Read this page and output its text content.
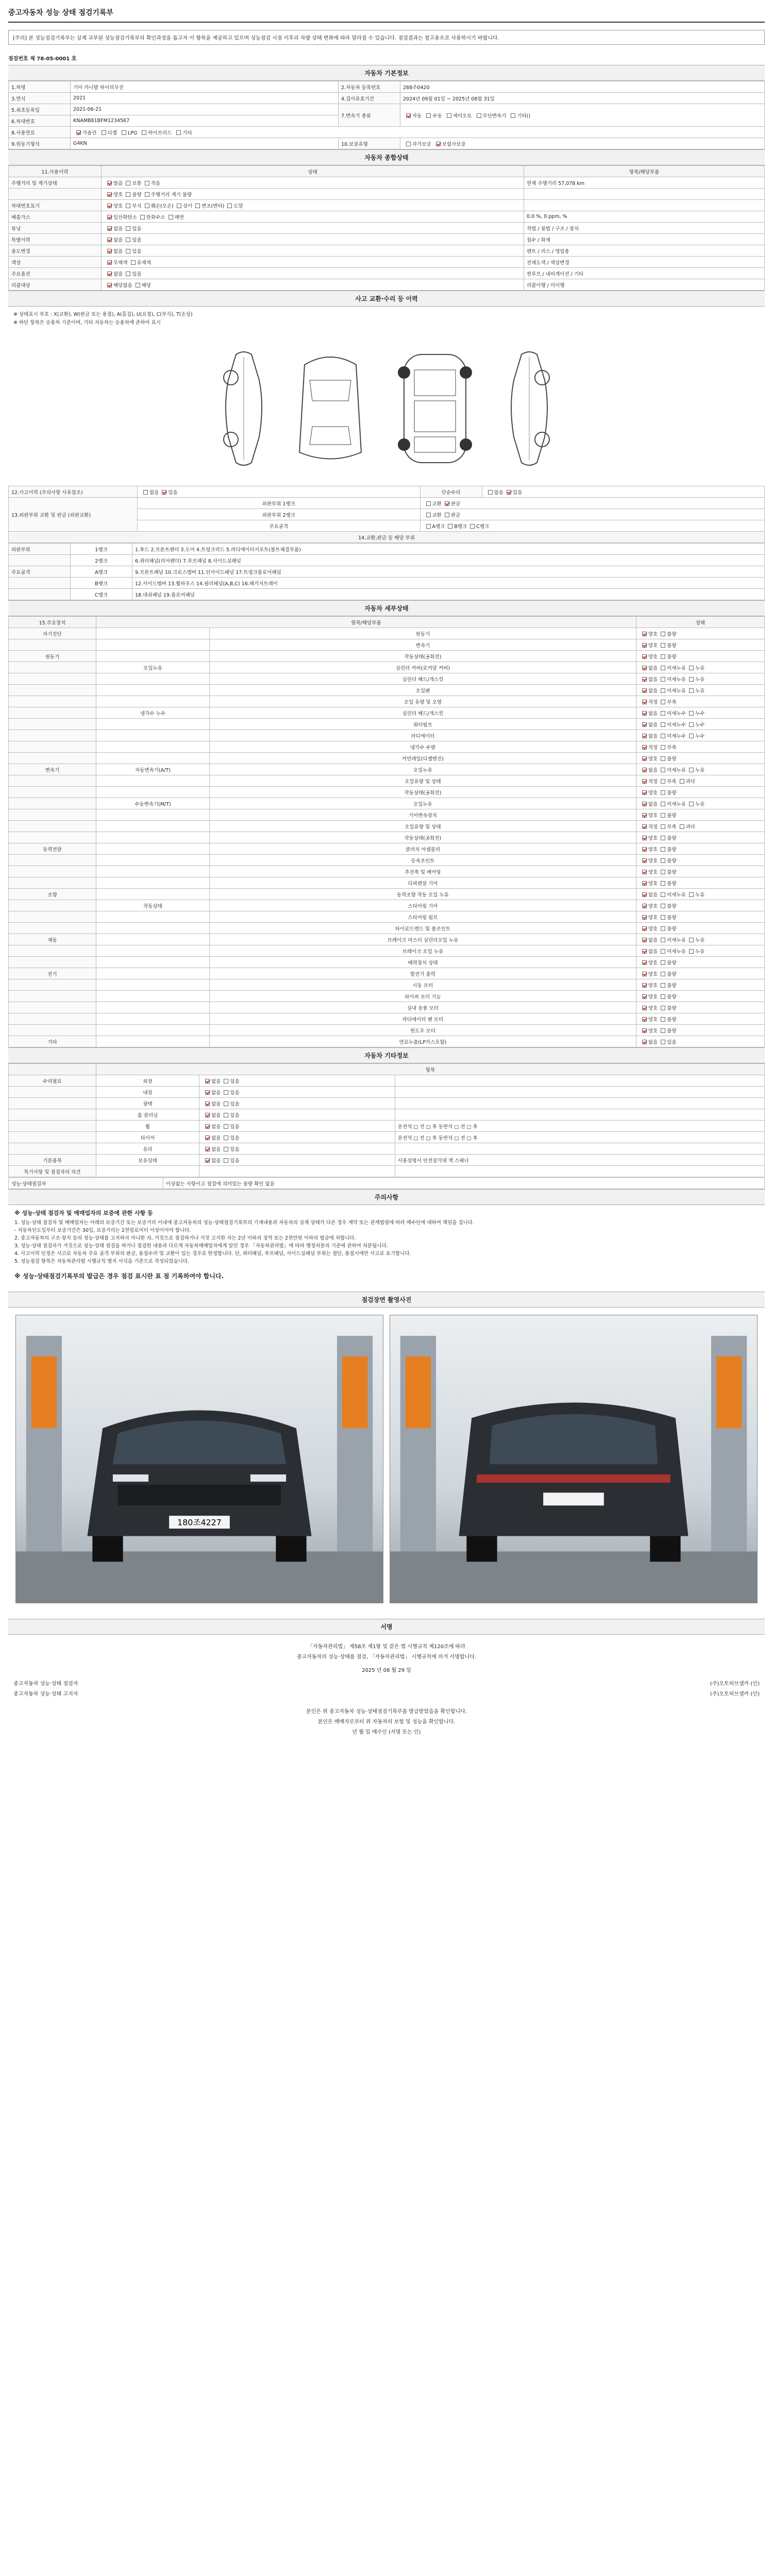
중고자동차 성능 상태 점검기록부
[주의] 본 성능점검기록부는 실제 교부된 성능점검기록부의 확인과정을 돕고자 이 항목을 제공하고 있으며 성능점검 시점 이후의 차량 상태 변화에 따라 달라질 수 있습니다. 점검결과는 참고용으로 사용하시기 바랍니다.
점검번호 제 78-05-0001 호
자동차 기본정보
1.차명	기아 카니발 하이리무진	2.자동차 등록번호	288주0420
3.연식	2021	4.검사유효기간	2024년 09월 01일 ~ 2025년 08월 31일
5.최초등록일	2021-06-21	7.변속기 종류	자동 수동 세미오토 무단변속기 기타()
6.차대번호	KNAMB81BFM1234567		
8.사용연료	가솔린 디젤 LPG 하이브리드 기타		
9.원동기형식	G4KN	10.보증유형	자가보증 보험사보증
자동차 종합상태
11.사용이력	상태	항목/해당부품
주행거리 및 계기상태	많음 보통 적음	현재 주행거리 57,078 km
	양호 불량 주행거리 계기 불량	
차대번호표기	양호 부식 훼손(오손) 상이 변조(변타) 도말	
배출가스	일산화탄소 탄화수소 매연	0.0 %, 0 ppm, %
튜닝	없음 있음	적법 / 불법 / 구조 / 장치
특별이력	없음 있음	침수 / 화재
용도변경	없음 있음	렌트 / 리스 / 영업용
색상	무채색 유채색	전체도색 / 색상변경
주요옵션	없음 있음	썬루프 / 내비게이션 / 기타
리콜대상	해당없음 해당	리콜이행 / 미이행
사고 교환·수리 등 이력
※ 상태표시 부호 : X(교환), W(판금 또는 용접), A(흠집), U(요철), C(부식), T(손상)
※ 하단 항목은 승용차 기준이며, 기타 자동차는 승용차에 준하여 표시
12.사고이력 (주의사항 사유참조)	없음 있음	단순수리	없음 있음
13.외판부위 교환 및 판금 (외판교환)	외판부위 1랭크	교환 판금	
	외판부위 2랭크	교환 판금	
	주요골격	A랭크 B랭크 C랭크	
14.교환,판금 등 해당 부위			
외판부위	1랭크	1.후드 2.프론트펜더 3.도어 4.트렁크리드 5.라디에이터서포트(볼트체결부품)
	2랭크	6.쿼터패널(리어펜더) 7.루프패널 8.사이드실패널
주요골격	A랭크	9.프론트패널 10.크로스멤버 11.인사이드패널 17.트렁크플로어패널
	B랭크	12.사이드멤버 13.휠하우스 14.필러패널(A,B,C) 16.패키지트레이
	C랭크	18.대쉬패널 19.플로어패널
자동차 세부상태
15.주요장치	항목/해당부품		상태
자기진단		원동기	양호 불량
		변속기	양호 불량
원동기		작동상태(공회전)	양호 불량
	오일누유	실린더 커버(로커암 커버)	없음 미세누유 누유
		실린더 헤드/개스킷	없음 미세누유 누유
		오일팬	없음 미세누유 누유
		오일 유량 및 오염	적정 부족
	냉각수 누수	실린더 헤드/개스킷	없음 미세누수 누수
		워터펌프	없음 미세누수 누수
		라디에이터	없음 미세누수 누수
		냉각수 수량	적정 부족
		커먼레일(디젤엔진)	양호 불량
변속기	자동변속기(A/T)	오일누유	없음 미세누유 누유
		오일유량 및 상태	적정 부족 과다
		작동상태(공회전)	양호 불량
	수동변속기(M/T)	오일누유	없음 미세누유 누유
		기어변속장치	양호 불량
		오일유량 및 상태	적정 부족 과다
		작동상태(공회전)	양호 불량
동력전달		클러치 어셈블리	양호 불량
		등속조인트	양호 불량
		추진축 및 베어링	양호 불량
		디퍼렌셜 기어	양호 불량
조향		동력조향 작동 오일 누유	없음 미세누유 누유
	작동상태	스티어링 기어	양호 불량
		스티어링 펌프	양호 불량
		타이로드엔드 및 볼조인트	양호 불량
제동		브레이크 마스터 실린더오일 누유	없음 미세누유 누유
		브레이크 오일 누유	없음 미세누유 누유
		배력장치 상태	양호 불량
전기		발전기 출력	양호 불량
		시동 모터	양호 불량
		와이퍼 모터 기능	양호 불량
		실내 송풍 모터	양호 불량
		라디에이터 팬 모터	양호 불량
		윈도우 모터	양호 불량
기타		연료누출(LP가스포함)	없음 있음
자동차 기타정보
	항목		
수리필요	외장	없음 있음	
	내장	없음 있음	
	광택	없음 있음	
	룸 클리닝	없음 있음	
	휠	없음 있음	운전석 □ 전 □ 후 동반석 □ 전 □ 후
	타이어	없음 있음	운전석 □ 전 □ 후 동반석 □ 전 □ 후
	유리	없음 있음	
기본품목	보유상태	없음 있음	사용설명서 안전삼각대 잭 스패너
특기사항 및 점검자의 의견			
성능·상태점검자	이상없는 사항이고 점검에 의미있는 불량 확인 없음
주의사항
※ 성능·상태 점검자 및 매매업자의 보증에 관한 사항 등

1. 성능·상태 점검자 및 매매업자는 아래의 보증기간 또는 보증거리 이내에 중고자동차의 성능·상태점검기록부의 기재내용과 자동차의 실제 상태가 다른 경우 계약 또는 관계법령에 따라 매수인에 대하여 책임을 집니다.

- 자동차인도일부터 보증기간은 30일, 보증거리는 2천킬로미터 이상이어야 합니다.

2. 중고자동차의 구조·장치 등의 성능·상태를 고지하지 아니한 자, 거짓으로 점검하거나 거짓 고지한 자는 2년 이하의 징역 또는 2천만원 이하의 벌금에 처합니다.

3. 성능·상태 점검자가 거짓으로 성능·상태 점검을 하거나 점검한 내용과 다르게 자동차매매업자에게 알린 경우 「자동차관리법」에 따라 행정처분의 기준에 관하여 처분됩니다.

4. 사고이력 인정은 사고로 자동차 주요 골격 부위의 판금, 용접수리 및 교환이 있는 경우로 한정합니다. 단, 쿼터패널, 루프패널, 사이드실패널 부위는 절단, 용접시에만 사고로 표기합니다.

5. 성능점검 항목은 자동차관리법 시행규칙 별지 서식을 기준으로 작성되었습니다.

※ 성능·상태점검기록부의 발급은 경우 점검 표시란 표 점 기록하여야 합니다.
점검장면 촬영사진
180조4227
서명
「자동차관리법」 제58조 제1항 및 같은 법 시행규칙 제120조에 따라
중고자동차의 성능·상태를 점검, 「자동차관리법」 시행규칙에 의거 서명합니다.
2025 년 08 월 29 일
중고자동차 성능·상태 점검자	(주)오토허브셀카 (인)
중고자동차 성능·상태 고지자	(주)오토허브셀카 (인)
본인은 위 중고자동차 성능·상태점검기록부를 발급받았음을 확인합니다.
본인은 매매자로부터 위 자동차의 보험 및 성능을 확인합니다.
년 월 일 매수인 (서명 또는 인)
